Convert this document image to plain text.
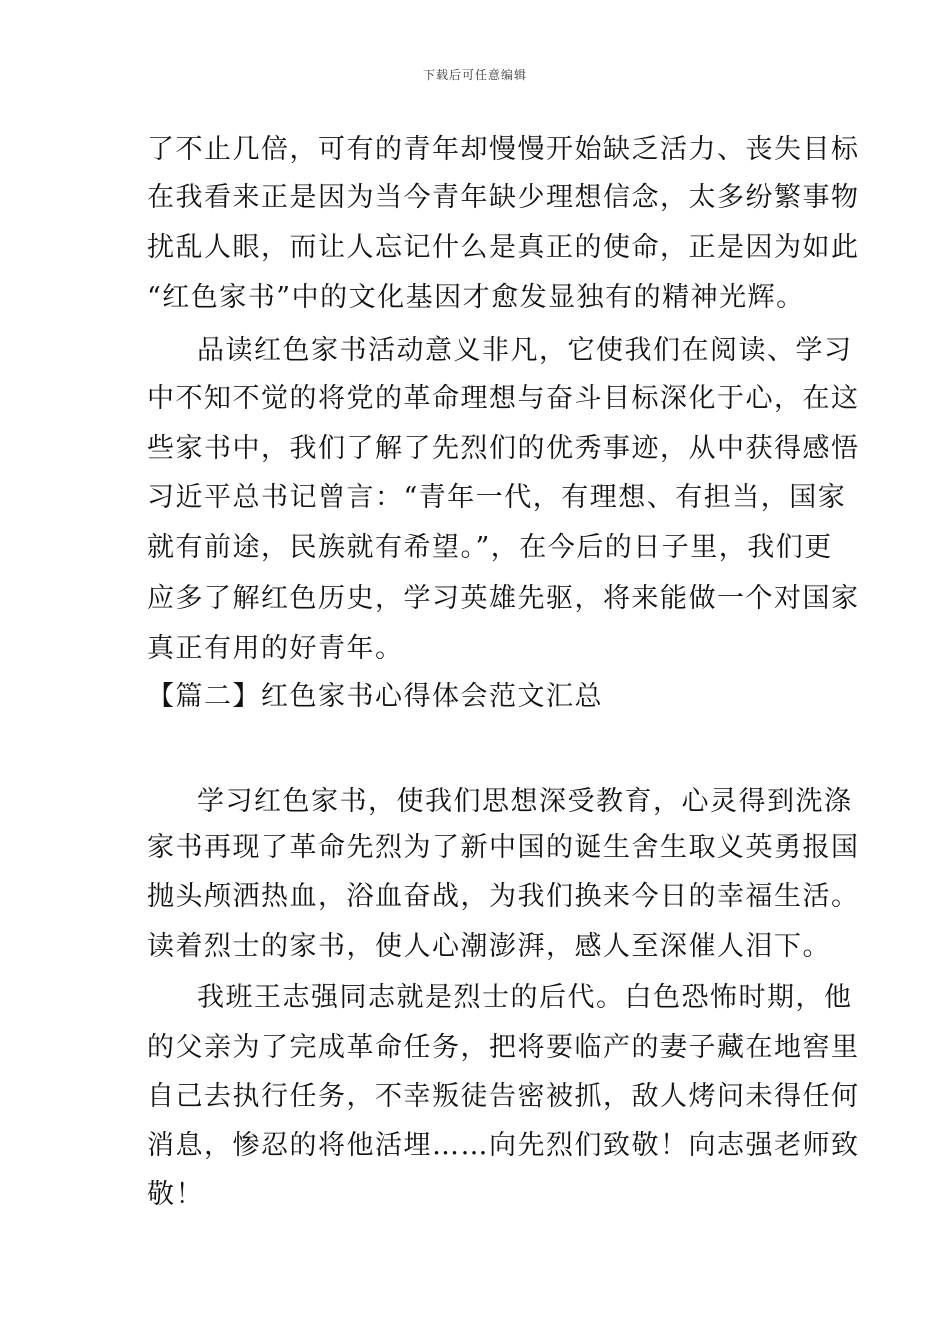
下载后可任意编辑
了不止几倍，可有的青年却慢慢开始缺乏活力、丧失目标
在我看来正是因为当今青年缺少理想信念，太多纷繁事物
扰乱人眼，而让人忘记什么是真正的使命，正是因为如此
“红色家书”中的文化基因才愈发显独有的精神光辉。
品读红色家书活动意义非凡，它使我们在阅读、学习
中不知不觉的将党的革命理想与奋斗目标深化于心，在这
些家书中，我们了解了先烈们的优秀事迹，从中获得感悟
习近平总书记曾言：“青年一代，有理想、有担当，国家
就有前途，民族就有希望。”，在今后的日子里，我们更
应多了解红色历史，学习英雄先驱，将来能做一个对国家
真正有用的好青年。
【篇二】红色家书心得体会范文汇总
学习红色家书，使我们思想深受教育，心灵得到洗涤
家书再现了革命先烈为了新中国的诞生舍生取义英勇报国
抛头颅洒热血，浴血奋战，为我们换来今日的幸福生活。
读着烈士的家书，使人心潮澎湃，感人至深催人泪下。
我班王志强同志就是烈士的后代。白色恐怖时期，他
的父亲为了完成革命任务，把将要临产的妻子藏在地窖里
自己去执行任务，不幸叛徒告密被抓，敌人烤问未得任何
消息，惨忍的将他活埋……向先烈们致敬！向志强老师致
敬！
